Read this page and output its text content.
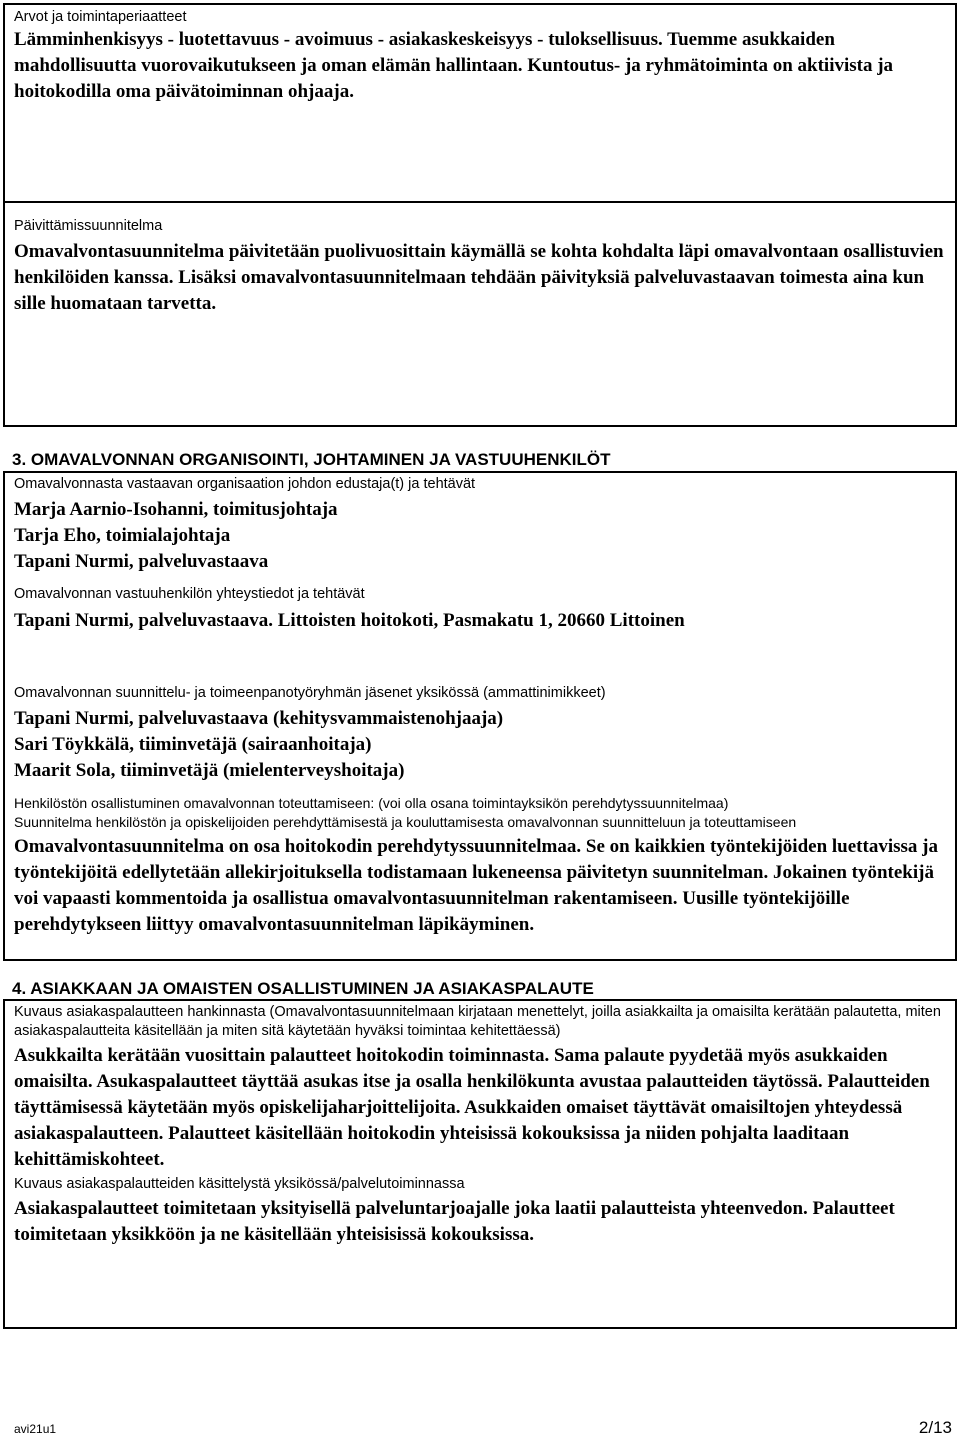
Arvot ja toimintaperiaatteet

Lämminhenkisyys - luotettavuus - avoimuus - asiakaskeskeisyys - tuloksellisuus. Tuemme asukkaiden mahdollisuutta vuorovaikutukseen ja oman elämän hallintaan. Kuntoutus- ja ryhmätoiminta on aktiivista ja hoitokodilla oma päivätoiminnan ohjaaja.

Päivittämissuunnitelma

Omavalvontasuunnitelma päivitetään puolivuosittain käymällä se kohta kohdalta läpi omavalvontaan osallistuvien henkilöiden kanssa. Lisäksi omavalvontasuunnitelmaan tehdään päivityksiä palveluvastaavan toimesta aina kun sille huomataan tarvetta.

3. OMAVALVONNAN ORGANISOINTI, JOHTAMINEN JA VASTUUHENKILÖT

Omavalvonnasta vastaavan organisaation johdon edustaja(t) ja tehtävät

Marja Aarnio-Isohanni, toimitusjohtaja

Tarja Eho, toimialajohtaja

Tapani Nurmi, palveluvastaava

Omavalvonnan vastuuhenkilön yhteystiedot ja tehtävät

Tapani Nurmi, palveluvastaava. Littoisten hoitokoti, Pasmakatu 1, 20660 Littoinen

Omavalvonnan suunnittelu- ja toimeenpanotyöryhmän jäsenet yksikössä (ammattinimikkeet)

Tapani Nurmi, palveluvastaava (kehitysvammaistenohjaaja)

Sari Töykkälä, tiiminvetäjä (sairaanhoitaja)

Maarit Sola, tiiminvetäjä (mielenterveyshoitaja)

Henkilöstön osallistuminen omavalvonnan toteuttamiseen: (voi olla osana toimintayksikön perehdytyssuunnitelmaa)

Suunnitelma henkilöstön ja opiskelijoiden perehdyttämisestä ja kouluttamisesta omavalvonnan suunnitteluun ja toteuttamiseen

Omavalvontasuunnitelma on osa hoitokodin perehdytyssuunnitelmaa. Se on kaikkien työntekijöiden luettavissa ja työntekijöitä edellytetään allekirjoituksella todistamaan lukeneensa päivitetyn suunnitelman. Jokainen työntekijä voi vapaasti kommentoida ja osallistua omavalvontasuunnitelman rakentamiseen. Uusille työntekijöille perehdytykseen liittyy omavalvontasuunnitelman läpikäyminen.

4. ASIAKKAAN JA OMAISTEN OSALLISTUMINEN JA ASIAKASPALAUTE

Kuvaus asiakaspalautteen hankinnasta (Omavalvontasuunnitelmaan kirjataan menettelyt, joilla asiakkailta ja omaisilta kerätään palautetta, miten asiakaspalautteita käsitellään ja miten sitä käytetään hyväksi toimintaa kehitettäessä)

Asukkailta kerätään vuosittain palautteet hoitokodin toiminnasta. Sama palaute pyydetää myös asukkaiden omaisilta. Asukaspalautteet täyttää asukas itse ja osalla henkilökunta avustaa palautteiden täytössä. Palautteiden täyttämisessä käytetään myös opiskelijaharjoittelijoita. Asukkaiden omaiset täyttävät omaisiltojen yhteydessä asiakaspalautteen. Palautteet käsitellään hoitokodin yhteisissä kokouksissa ja niiden pohjalta laaditaan kehittämiskohteet.

Kuvaus asiakaspalautteiden käsittelystä yksikössä/palvelutoiminnassa

Asiakaspalautteet toimitetaan yksityisellä palveluntarjoajalle joka laatii palautteista yhteenvedon. Palautteet toimitetaan yksikköön ja ne käsitellään yhteisisissä kokouksissa.

avi21u1	2/13
